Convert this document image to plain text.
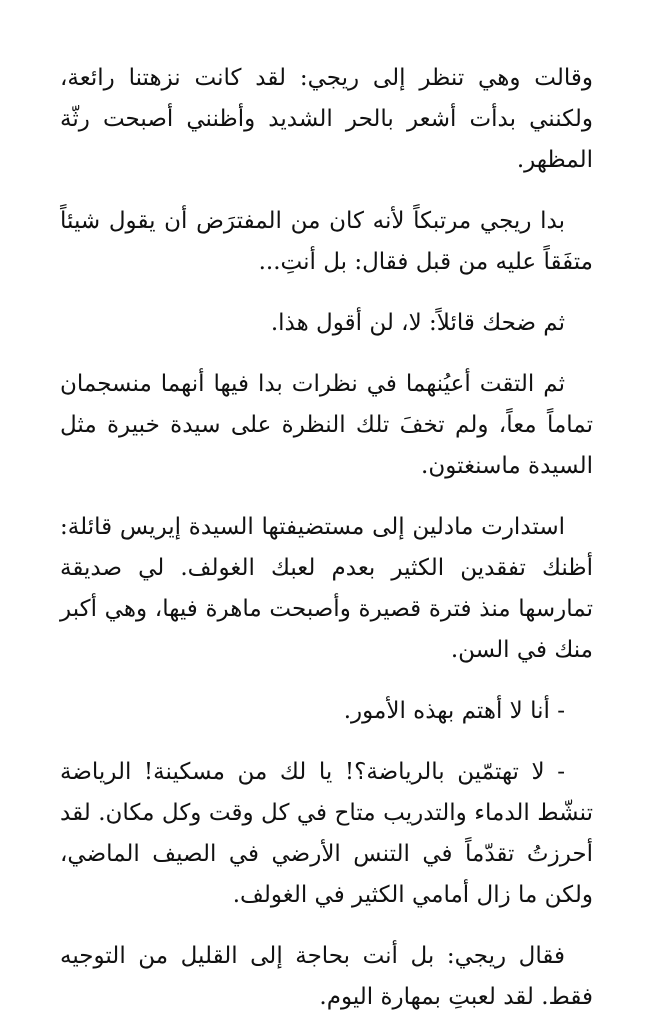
وقالت وهي تنظر إلى ريجي: لقد كانت نزهتنا رائعة، ولكنني بدأت أشعر بالحر الشديد وأظنني أصبحت رثّة المظهر.

بدا ريجي مرتبكاً لأنه كان من المفترَض أن يقول شيئاً متفَقاً عليه من قبل فقال: بل أنتِ...

ثم ضحك قائلاً: لا، لن أقول هذا.

ثم التقت أعيُنهما في نظرات بدا فيها أنهما منسجمان تماماً معاً، ولم تخفَ تلك النظرة على سيدة خبيرة مثل السيدة ماسنغتون.

استدارت مادلين إلى مستضيفتها السيدة إيريس قائلة: أظنك تفقدين الكثير بعدم لعبك الغولف. لي صديقة تمارسها منذ فترة قصيرة وأصبحت ماهرة فيها، وهي أكبر منك في السن.

- أنا لا أهتم بهذه الأمور.

- لا تهتمّين بالرياضة؟! يا لك من مسكينة! الرياضة تنشّط الدماء والتدريب متاح في كل وقت وكل مكان. لقد أحرزتُ تقدّماً في التنس الأرضي في الصيف الماضي، ولكن ما زال أمامي الكثير في الغولف.

فقال ريجي: بل أنت بحاجة إلى القليل من التوجيه فقط. لقد لعبتِ بمهارة اليوم.
